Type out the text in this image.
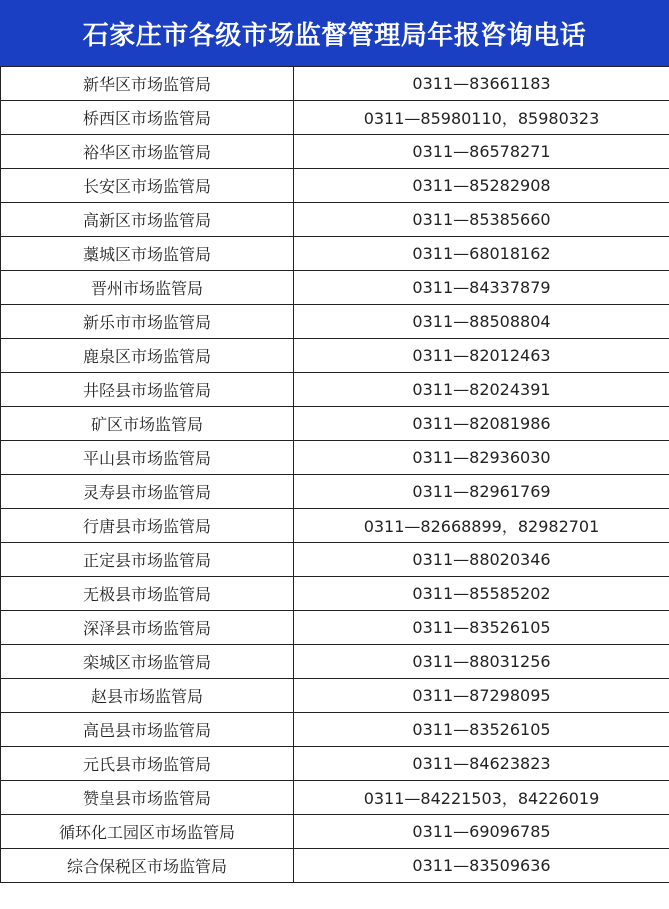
石家庄市各级市场监督管理局年报咨询电话
新华区市场监管局	0311—83661183
桥西区市场监管局	0311—85980110，85980323
裕华区市场监管局	0311—86578271
长安区市场监管局	0311—85282908
高新区市场监管局	0311—85385660
藁城区市场监管局	0311—68018162
晋州市场监管局	0311—84337879
新乐市市场监管局	0311—88508804
鹿泉区市场监管局	0311—82012463
井陉县市场监管局	0311—82024391
矿区市场监管局	0311—82081986
平山县市场监管局	0311—82936030
灵寿县市场监管局	0311—82961769
行唐县市场监管局	0311—82668899，82982701
正定县市场监管局	0311—88020346
无极县市场监管局	0311—85585202
深泽县市场监管局	0311—83526105
栾城区市场监管局	0311—88031256
赵县市场监管局	0311—87298095
高邑县市场监管局	0311—83526105
元氏县市场监管局	0311—84623823
赞皇县市场监管局	0311—84221503，84226019
循环化工园区市场监管局	0311—69096785
综合保税区市场监管局	0311—83509636
